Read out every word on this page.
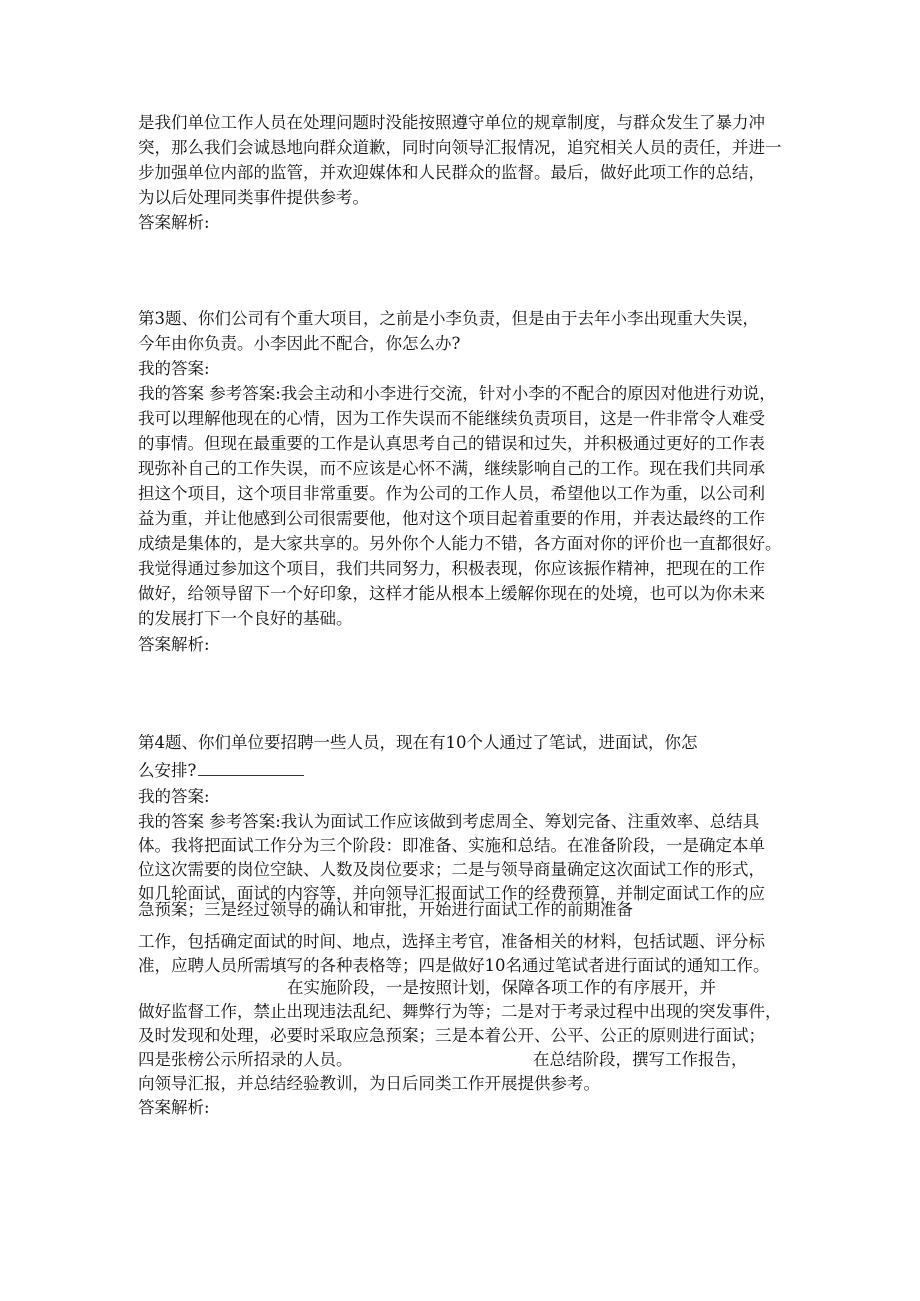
是我们单位工作人员在处理问题时没能按照遵守单位的规章制度，与群众发生了暴力冲
突，那么我们会诚恳地向群众道歉，同时向领导汇报情况，追究相关人员的责任，并进一
步加强单位内部的监管，并欢迎媒体和人民群众的监督。最后，做好此项工作的总结，
为以后处理同类事件提供参考。
答案解析:
第3题、你们公司有个重大项目，之前是小李负责，但是由于去年小李出现重大失误，
今年由你负责。小李因此不配合，你怎么办?
我的答案:
我的答案 参考答案:我会主动和小李进行交流，针对小李的不配合的原因对他进行劝说，
我可以理解他现在的心情，因为工作失误而不能继续负责项目，这是一件非常令人难受
的事情。但现在最重要的工作是认真思考自己的错误和过失，并积极通过更好的工作表
现弥补自己的工作失误，而不应该是心怀不满，继续影响自己的工作。现在我们共同承
担这个项目，这个项目非常重要。作为公司的工作人员，希望他以工作为重，以公司利
益为重，并让他感到公司很需要他，他对这个项目起着重要的作用，并表达最终的工作
成绩是集体的，是大家共享的。另外你个人能力不错，各方面对你的评价也一直都很好。
我觉得通过参加这个项目，我们共同努力，积极表现，你应该振作精神，把现在的工作
做好，给领导留下一个好印象，这样才能从根本上缓解你现在的处境，也可以为你未来
的发展打下一个良好的基础。
答案解析:
第4题、你们单位要招聘一些人员，现在有10个人通过了笔试，进面试，你怎
么安排?
我的答案:
我的答案 参考答案:我认为面试工作应该做到考虑周全、筹划完备、注重效率、总结具
体。我将把面试工作分为三个阶段：即准备、实施和总结。在准备阶段，一是确定本单
位这次需要的岗位空缺、人数及岗位要求；二是与领导商量确定这次面试工作的形式，
如几轮面试，面试的内容等，并向领导汇报面试工作的经费预算，并制定面试工作的应
急预案；三是经过领导的确认和审批，开始进行面试工作的前期准备
工作，包括确定面试的时间、地点，选择主考官，准备相关的材料，包括试题、评分标
准，应聘人员所需填写的各种表格等；四是做好10名通过笔试者进行面试的通知工作。
在实施阶段，一是按照计划，保障各项工作的有序展开，并
做好监督工作，禁止出现违法乱纪、舞弊行为等；二是对于考录过程中出现的突发事件，
及时发现和处理，必要时采取应急预案；三是本着公开、公平、公正的原则进行面试；
四是张榜公示所招录的人员。	在总结阶段，撰写工作报告，
向领导汇报，并总结经验教训，为日后同类工作开展提供参考。
答案解析:
